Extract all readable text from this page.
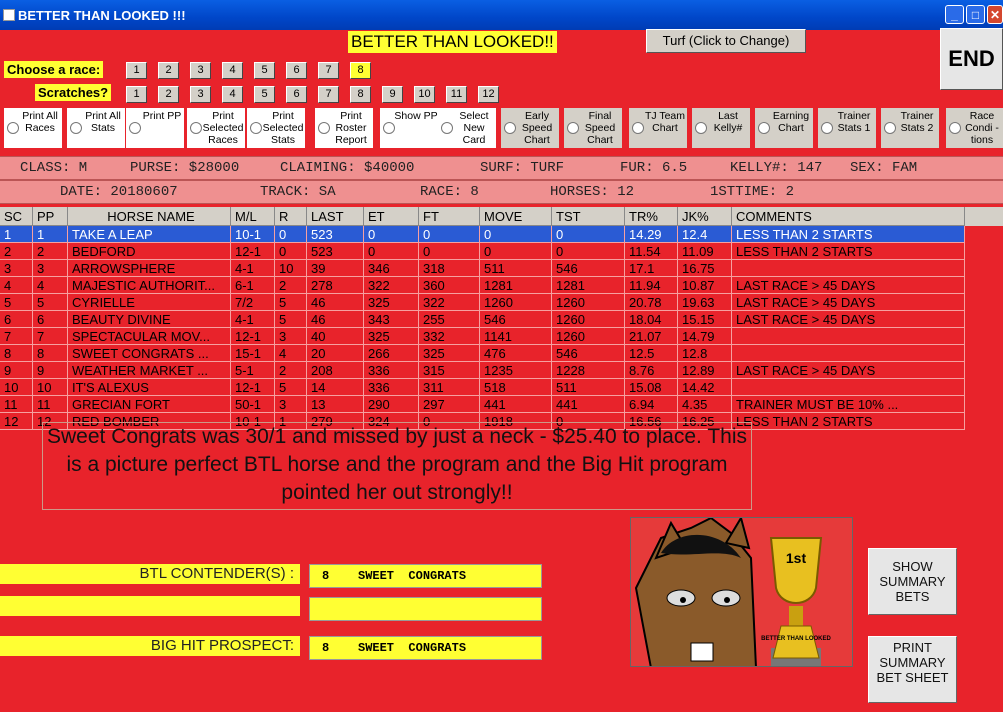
BETTER THAN LOOKED !!!	_	□ ✕
BETTER THAN LOOKED!!	Turf (Click to Change)
END
Choose a race:	1	2	3	4	5	6	7	8
Scratches?	1	2	3	4	5	6	7	8	9	10	11	12
Print All Races
Print All Stats
Print PP	Print Selected Races
Print Selected Stats
Print Roster Report
Show PP	Select New Card
Early Speed Chart
Final Speed Chart
TJ Team Chart
Last Kelly#
Earning Chart
Trainer Stats 1
Trainer Stats 2
Race Condi -tions
CLASS: M	PURSE: $28000	CLAIMING: $40000	SURF: TURF	FUR: 6.5	KELLY#: 147 SEX: FAM
DATE: 20180607	TRACK: SA	RACE: 8	HORSES: 12	1STTIME: 2
SC	PP	HORSE NAME	M/L	R	LAST	ET	FT	MOVE	TST	TR%	JK%	COMMENTS
1	1	TAKE A LEAP	10-1	0	523	0	0	0	0	14.29	12.4	LESS THAN 2 STARTS
2	2	BEDFORD	12-1	0	523	0	0	0	0	11.54	11.09	LESS THAN 2 STARTS
3	3	ARROWSPHERE	4-1	10	39	346	318	511	546	17.1	16.75
4	4	MAJESTIC AUTHORIT...	6-1	2	278	322	360	1281	1281	11.94	10.87	LAST RACE > 45 DAYS
5	5	CYRIELLE	7/2	5	46	325	322	1260	1260	20.78	19.63	LAST RACE > 45 DAYS
6	6	BEAUTY DIVINE	4-1	5	46	343	255	546	1260	18.04	15.15	LAST RACE > 45 DAYS
7	7	SPECTACULAR MOV...	12-1	3	40	325	332	1141	1260	21.07	14.79
8	8	SWEET CONGRATS ...	15-1	4	20	266	325	476	546	12.5	12.8
9	9	WEATHER MARKET ...	5-1	2	208	336	315	1235	1228	8.76	12.89	LAST RACE > 45 DAYS
10	10	IT'S ALEXUS	12-1	5	14	336	311	518	511	15.08	14.42
11	11	GRECIAN FORT	50-1	3	13	290	297	441	441	6.94	4.35	TRAINER MUST BE 10% ...
12	12	RED BOMBER	10-1	1	279	324	0	1918	0	16.56	16.25	LESS THAN 2 STARTS
Sweet Congrats was 30/1 and missed by just a neck - $25.40 to place. This is a picture perfect BTL horse and the program and the Big Hit program pointed her out strongly!!
BTL CONTENDER(S) :	8    SWEET  CONGRATS
BIG HIT PROSPECT:	8    SWEET  CONGRATS
1st
BETTER THAN LOOKED
SHOW SUMMARY BETS
PRINT SUMMARY BET SHEET
